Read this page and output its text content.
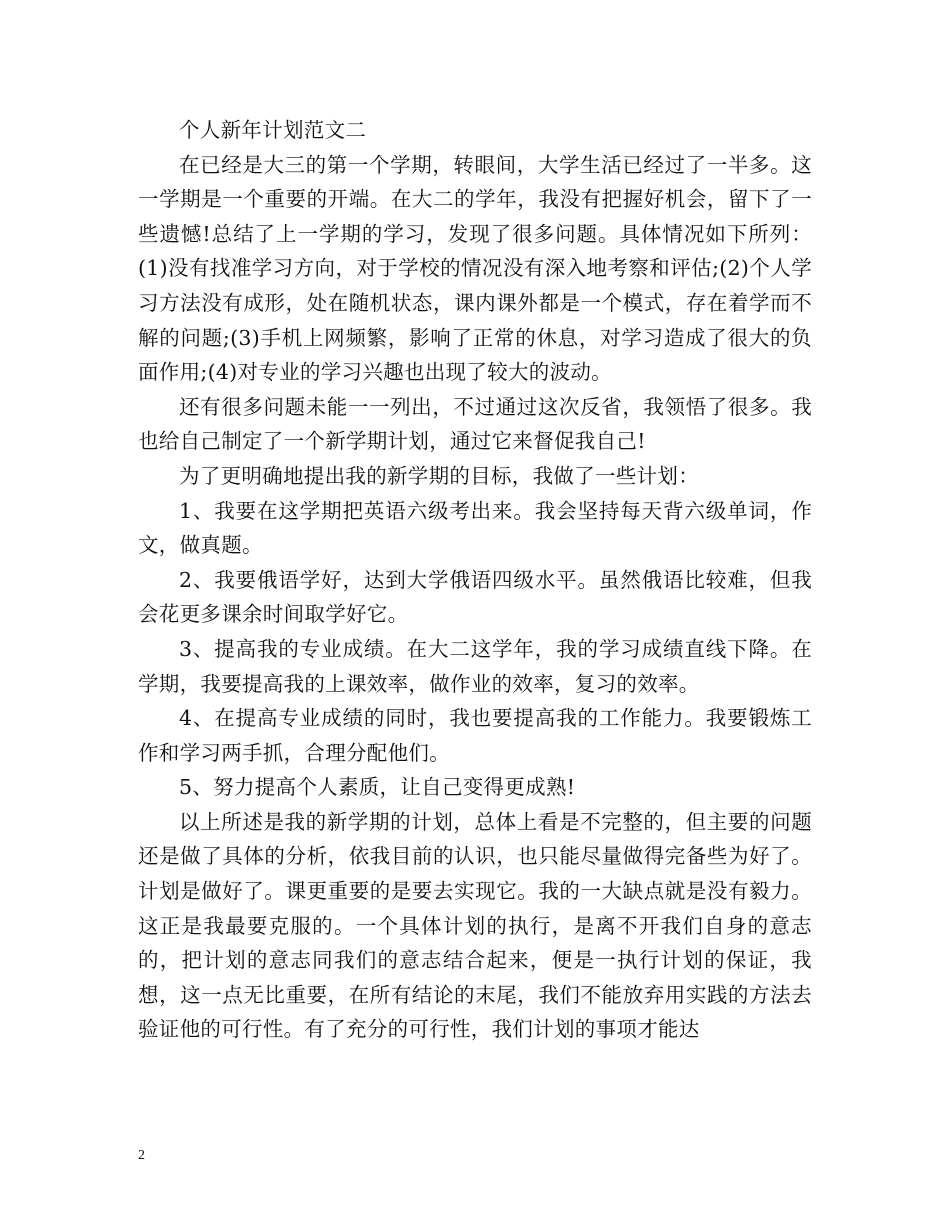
个人新年计划范文二

在已经是大三的第一个学期，转眼间，大学生活已经过了一半多。这一学期是一个重要的开端。在大二的学年，我没有把握好机会，留下了一些遗憾!总结了上一学期的学习，发现了很多问题。具体情况如下所列：(1)没有找准学习方向，对于学校的情况没有深入地考察和评估;(2)个人学习方法没有成形，处在随机状态，课内课外都是一个模式，存在着学而不解的问题;(3)手机上网频繁，影响了正常的休息，对学习造成了很大的负面作用;(4)对专业的学习兴趣也出现了较大的波动。

还有很多问题未能一一列出，不过通过这次反省，我领悟了很多。我也给自己制定了一个新学期计划，通过它来督促我自己!

为了更明确地提出我的新学期的目标，我做了一些计划：

1、我要在这学期把英语六级考出来。我会坚持每天背六级单词，作文，做真题。

2、我要俄语学好，达到大学俄语四级水平。虽然俄语比较难，但我会花更多课余时间取学好它。

3、提高我的专业成绩。在大二这学年，我的学习成绩直线下降。在学期，我要提高我的上课效率，做作业的效率，复习的效率。

4、在提高专业成绩的同时，我也要提高我的工作能力。我要锻炼工作和学习两手抓，合理分配他们。

5、努力提高个人素质，让自己变得更成熟!

以上所述是我的新学期的计划，总体上看是不完整的，但主要的问题还是做了具体的分析，依我目前的认识，也只能尽量做得完备些为好了。计划是做好了。课更重要的是要去实现它。我的一大缺点就是没有毅力。这正是我最要克服的。一个具体计划的执行，是离不开我们自身的意志的，把计划的意志同我们的意志结合起来，便是一执行计划的保证，我想，这一点无比重要，在所有结论的末尾，我们不能放弃用实践的方法去验证他的可行性。有了充分的可行性，我们计划的事项才能达

2
